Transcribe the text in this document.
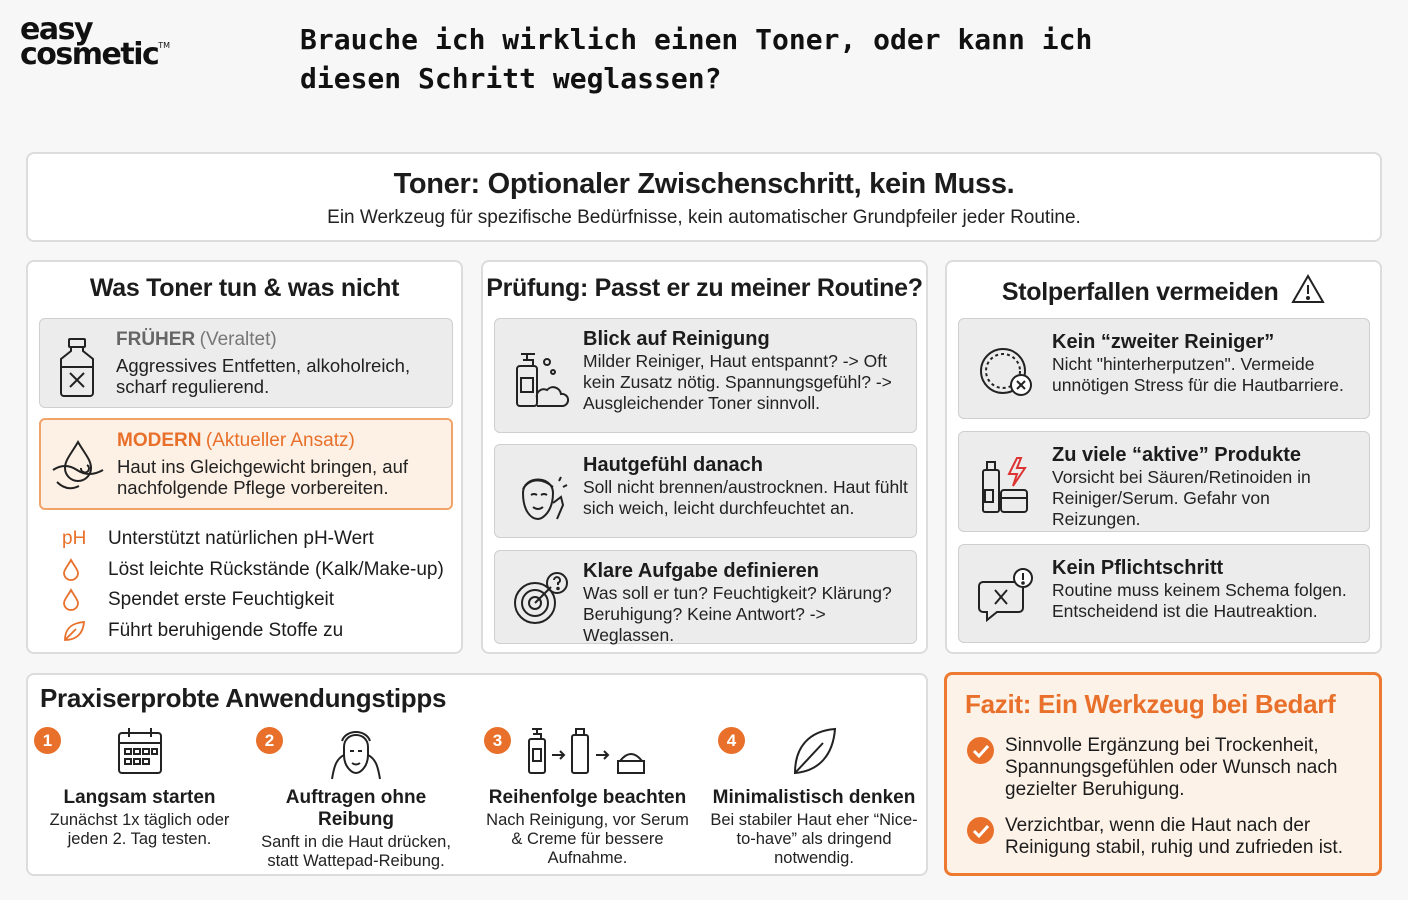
easy
cosmetic™	Brauche ich wirklich einen Toner, oder kann ich diesen Schritt weglassen?
Toner: Optionaler Zwischenschritt, kein Muss.
Ein Werkzeug für spezifische Bedürfnisse, kein automatischer Grundpfeiler jeder Routine.
Was Toner tun & was nicht
FRÜHER (Veraltet)
Aggressives Entfetten, alkoholreich, scharf regulierend.
MODERN (Aktueller Ansatz)
Haut ins Gleichgewicht bringen, auf nachfolgende Pflege vorbereiten.
pH	Unterstützt natürlichen pH-Wert
Löst leichte Rückstände (Kalk/Make-up)
Spendet erste Feuchtigkeit
Führt beruhigende Stoffe zu
Prüfung: Passt er zu meiner Routine?
Blick auf Reinigung
Milder Reiniger, Haut entspannt? -> Oft kein Zusatz nötig. Spannungsgefühl? -> Ausgleichender Toner sinnvoll.
Hautgefühl danach
Soll nicht brennen/austrocknen. Haut fühlt sich weich, leicht durchfeuchtet an.
Klare Aufgabe definieren
Was soll er tun? Feuchtigkeit? Klärung? Beruhigung? Keine Antwort? -> Weglassen.
Stolperfallen vermeiden
Kein “zweiter Reiniger”
Nicht "hinterherputzen". Vermeide unnötigen Stress für die Hautbarriere.
Zu viele “aktive” Produkte
Vorsicht bei Säuren/Retinoiden in Reiniger/Serum. Gefahr von Reizungen.
Kein Pflichtschritt
Routine muss keinem Schema folgen. Entscheidend ist die Hautreaktion.
Praxiserprobte Anwendungstipps
1
Langsam starten
Zunächst 1x täglich oder jeden 2. Tag testen.
2
Auftragen ohne Reibung
Sanft in die Haut drücken, statt Wattepad-Reibung.
3
Reihenfolge beachten
Nach Reinigung, vor Serum & Creme für bessere Aufnahme.
4
Minimalistisch denken
Bei stabiler Haut eher “Nice-to-have” als dringend notwendig.
Fazit: Ein Werkzeug bei Bedarf
Sinnvolle Ergänzung bei Trockenheit, Spannungsgefühlen oder Wunsch nach gezielter Beruhigung.
Verzichtbar, wenn die Haut nach der Reinigung stabil, ruhig und zufrieden ist.
